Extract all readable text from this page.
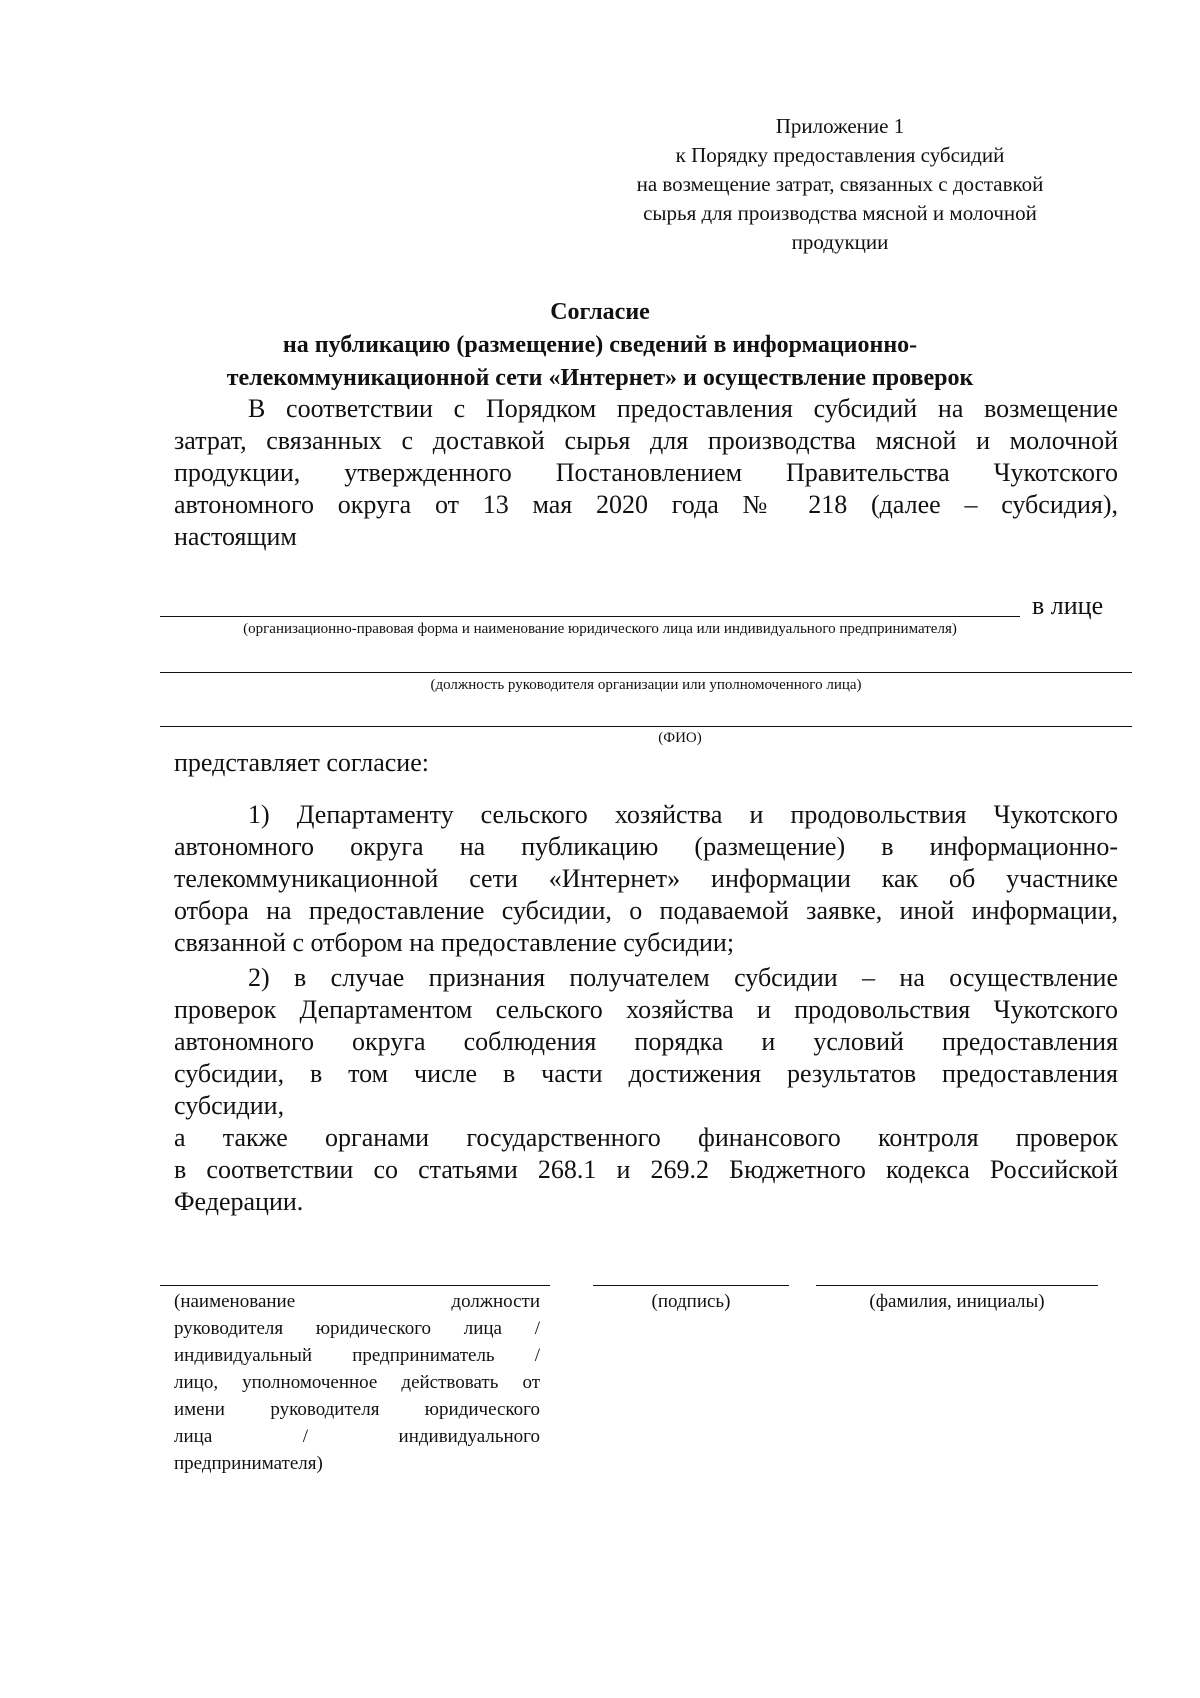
Приложение 1
к Порядку предоставления субсидий
на возмещение затрат, связанных с доставкой
сырья для производства мясной и молочной
продукции
Согласие
на публикацию (размещение) сведений в информационно-
телекоммуникационной сети «Интернет» и осуществление проверок
В соответствии с Порядком предоставления субсидий на возмещение
затрат, связанных с доставкой сырья для производства мясной и молочной
продукции, утвержденного Постановлением Правительства Чукотского
автономного округа от 13 мая 2020 года № 218 (далее – субсидия),
настоящим
в лице
(организационно-правовая форма и наименование юридического лица или индивидуального предпринимателя)
(должность руководителя организации или уполномоченного лица)
(ФИО)
представляет согласие:
1) Департаменту сельского хозяйства и продовольствия Чукотского
автономного округа на публикацию (размещение) в информационно-
телекоммуникационной сети «Интернет» информации как об участнике
отбора на предоставление субсидии, о подаваемой заявке, иной информации,
связанной с отбором на предоставление субсидии;
2) в случае признания получателем субсидии – на осуществление
проверок Департаментом сельского хозяйства и продовольствия Чукотского
автономного округа соблюдения порядка и условий предоставления
субсидии, в том числе в части достижения результатов предоставления
субсидии,
а также органами государственного финансового контроля проверок
в соответствии со статьями 268.1 и 269.2 Бюджетного кодекса Российской
Федерации.
(наименование должности
руководителя юридического лица /
индивидуальный предприниматель /
лицо, уполномоченное действовать от
имени руководителя юридического
лица / индивидуального
предпринимателя)
(подпись)	(фамилия, инициалы)
